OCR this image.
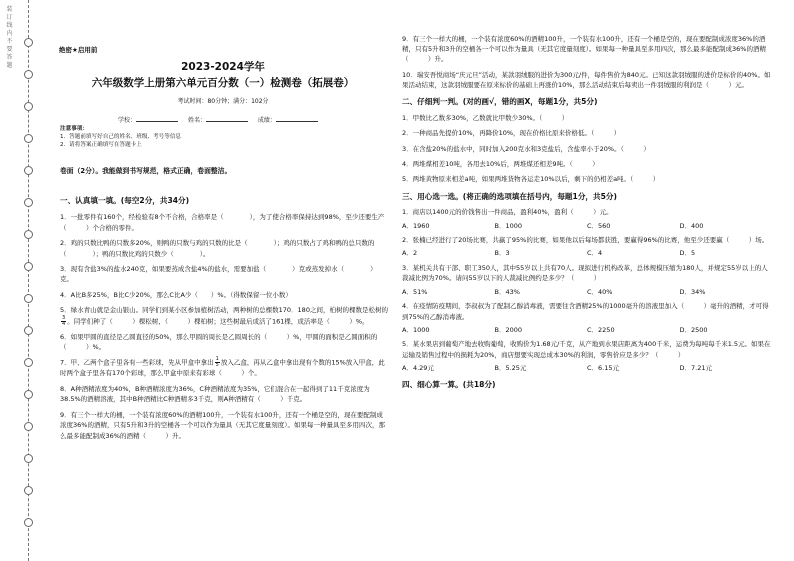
装订线内不要答题
绝密★启用前
2023-2024学年
六年级数学上册第六单元百分数（一）检测卷（拓展卷）
考试时间：80分钟；满分：102分
学校：	姓名：	成绩：
注意事项：
1．答题前填写好自己的姓名、班级、考号等信息
2．请将答案正确填写在答题卡上
卷面（2分）。我能做到书写规范，格式正确，卷面整洁。
一、认真填一填。(每空2分，共34分)
1．一批零件有160个，经检验有8个不合格，合格率是（　　　　），为了使合格率保持达到98%，至少还要生产（　　　）个合格的零件。
2．鸡的只数比鸭的只数多20%，则鸭的只数与鸡的只数的比是（　　　　）；鸡的只数占了鸡和鸭的总只数的（　　　　）；鸭的只数比鸡的只数少（　　　　）。
3．现有含盐3%的盐水240克，如果要蒸成含盐4%的盐水，需要加盐（　　　　）克或蒸发掉水（　　　　）克。
4．A比B多25%，B比C少20%，那么C比A少（　　）%。（得数保留一位小数）
5．绿水青山就是金山银山。同学们到某小区参加植树活动，两种树的总棵数170．180之间，柏树的棵数是松树的
$\frac{3}{4}$ 。同学们种了（　　　）棵松树，（　　　）棵柏树；这些树最后成活了161棵，成活率是（　　　）%。
6．如果甲圆的直径是乙圆直径的50%，那么甲圆的周长是乙圆周长的（　　　）%，甲圆的面积是乙圆面积的（　　　）%。
7．甲、乙两个盒子里各有一些彩球，先从甲盒中拿出 $\frac{1}{5}$ 放入乙盒，再从乙盒中拿出现有个数的15%放入甲盒，此时两个盒子里各有170个彩球，那么甲盒中原来有彩球（　　　）个。
8．A种酒精浓度为40%，B种酒精浓度为36%，C种酒精浓度为35%，它们混合在一起得到了11千克浓度为38.5%的酒精溶液，其中B种酒精比C种酒精多3千克，则A种酒精有（　　　）千克。
9．有三个一样大的桶，一个装有浓度60%的酒精100升，一个装有水100升，还有一个桶是空的，现在要配制成浓度36%的酒精，只有5升和3升的空桶各一个可以作为量具（无其它度量刻度）。如果每一种量具至多用四次，那么最多能配制成36%的酒精（　　　）升。
9．有三个一样大的桶，一个装有浓度60%的酒精100升，一个装有水100升，还有一个桶是空的，现在要配制成浓度36%的酒精，只有5升和3升的空桶各一个可以作为量具（无其它度量刻度）。如果每一种量具至多用四次，那么最多能配制成36%的酒精（　　　）升。
10．瑞安吾悦商场“庆元旦”活动，某款羽绒服的进价为300元/件，每件售价为840元。已知这款羽绒服的进价是标价的40%。如果活动结束，这款羽绒服要在原来标价的基础上再涨价10%，那么活动结束后每卖出一件羽绒服的利润是（　　　）元。
二、仔细判一判。(对的画√，错的画X，每题1分，共5分)
1．甲数比乙数多30%，乙数就比甲数少30%。（　　　）
2．一种商品先提价10%，再降价10%，现在价格比原来价格低。（　　　）
3．在含盐20%的盐水中，同时加入200克水和3克盐后，含盐率小于20%。（　　　）
4．两堆煤相差10吨，各用去10%后，两堆煤还相差9吨。（　　　）
5．两堆黄物原来相差a吨，如果两堆货物各运走10%以后，剩下的仍相差a吨。（　　　）
三、用心选一选。(将正确的选项填在括号内，每题1分，共5分)
1．商店以1400元的价钱售出一件商品，盈利40%，盈利（　　　）元。
A．1960	B．1000	C．560	D．400
2．张楠已经进行了20场比赛，共赢了95%的比赛，如果他以后每场都获胜，要赢得96%的比赛，他至少还要赢（　　　）场。
A．2	B．3	C．4	D．5
3．某机关共有干部、职工350人，其中55岁以上共有70人。现拟进行机构改革，总体规模压缩为180人，并规定55岁以上的人裁减比例为70%。请问55岁以下的人裁减比例约是多少？（　　　）
A．51%	B．43%	C．40%	D．34%
4．在疫情防疫期间，李叔叔为了配制乙醇消毒液，需要往含酒精25%的1000毫升的溶液里加入（　　　）毫升的酒精，才可得到75%的乙醇消毒液。
A．1000	B．2000	C．2250	D．2500
5．某水果店到葡萄产地去收购葡萄，收购价为1.68元/千克，从产地到水果店距离为400千米，运费为每吨每千米1.5元。如果在运输及销售过程中的损耗为20%，商店想要实现总成本30%的利润，零售价应是多少？（　　　）
A．4.29元	B．5.25元	C．6.15元	D．7.21元
四、细心算一算。(共18分)
